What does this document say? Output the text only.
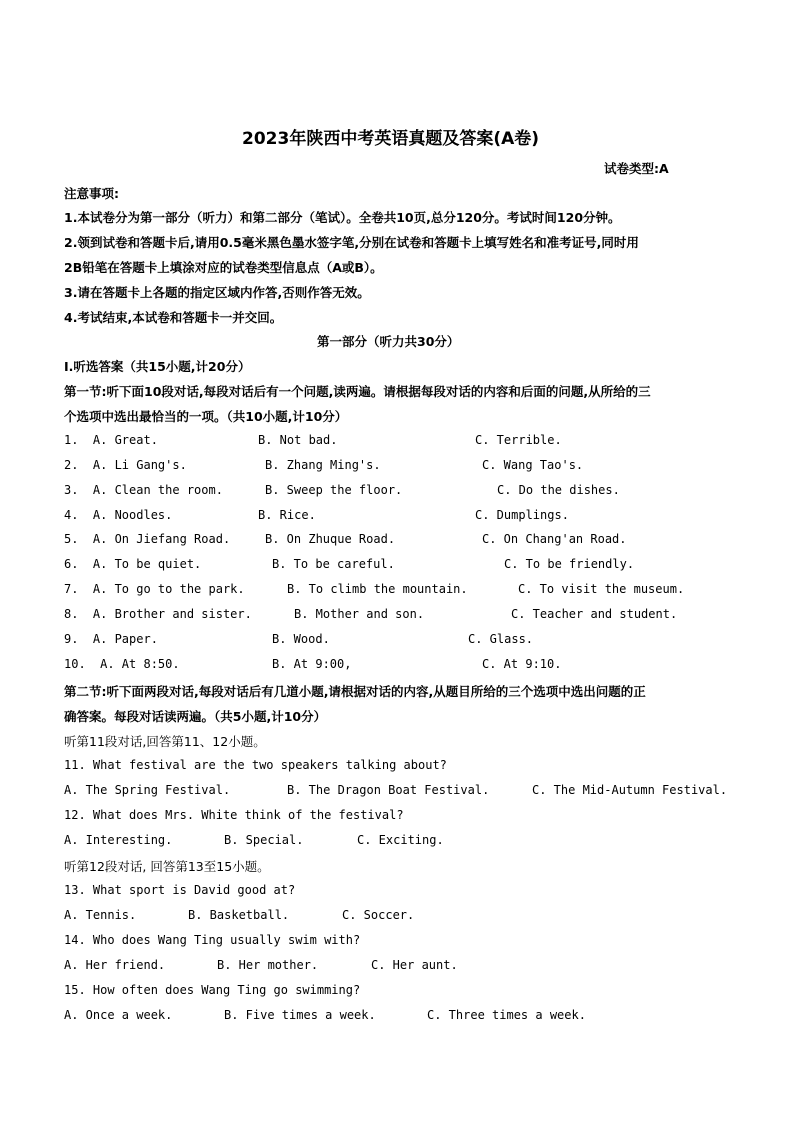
2023年陕西中考英语真题及答案(A卷)
试卷类型:A
注意事项:
1.本试卷分为第一部分（听力）和第二部分（笔试）。全卷共10页,总分120分。考试时间120分钟。
2.领到试卷和答题卡后,请用0.5毫米黑色墨水签字笔,分别在试卷和答题卡上填写姓名和准考证号,同时用
2B铅笔在答题卡上填涂对应的试卷类型信息点（A或B）。
3.请在答题卡上各题的指定区域内作答,否则作答无效。
4.考试结束,本试卷和答题卡一并交回。
第一部分（听力共30分）
I.听选答案（共15小题,计20分）
第一节:听下面10段对话,每段对话后有一个问题,读两遍。请根据每段对话的内容和后面的问题,从所给的三
个选项中选出最恰当的一项。（共10小题,计10分）
1.  A. Great.	B. Not bad.	C. Terrible.
2.  A. Li Gang's.	B. Zhang Ming's.	C. Wang Tao's.
3.  A. Clean the room.	B. Sweep the floor.	C. Do the dishes.
4.  A. Noodles.	B. Rice.	C. Dumplings.
5.  A. On Jiefang Road.	B. On Zhuque Road.	C. On Chang'an Road.
6.  A. To be quiet.	B. To be careful.	C. To be friendly.
7.  A. To go to the park.	B. To climb the mountain.	C. To visit the museum.
8.  A. Brother and sister.	B. Mother and son.	C. Teacher and student.
9.  A. Paper.	B. Wood.	C. Glass.
10.  A. At 8:50.	B. At 9:00,	C. At 9:10.
第二节:听下面两段对话,每段对话后有几道小题,请根据对话的内容,从题目所给的三个选项中选出问题的正
确答案。每段对话读两遍。（共5小题,计10分）
听第11段对话,回答第11、12小题。
11. What festival are the two speakers talking about?
A. The Spring Festival.	B. The Dragon Boat Festival.	C. The Mid-Autumn Festival.
12. What does Mrs. White think of the festival?
A. Interesting.	B. Special.	C. Exciting.
听第12段对话, 回答第13至15小题。
13. What sport is David good at?
A. Tennis.	B. Basketball.	C. Soccer.
14. Who does Wang Ting usually swim with?
A. Her friend.	B. Her mother.	C. Her aunt.
15. How often does Wang Ting go swimming?
A. Once a week.	B. Five times a week.	C. Three times a week.
